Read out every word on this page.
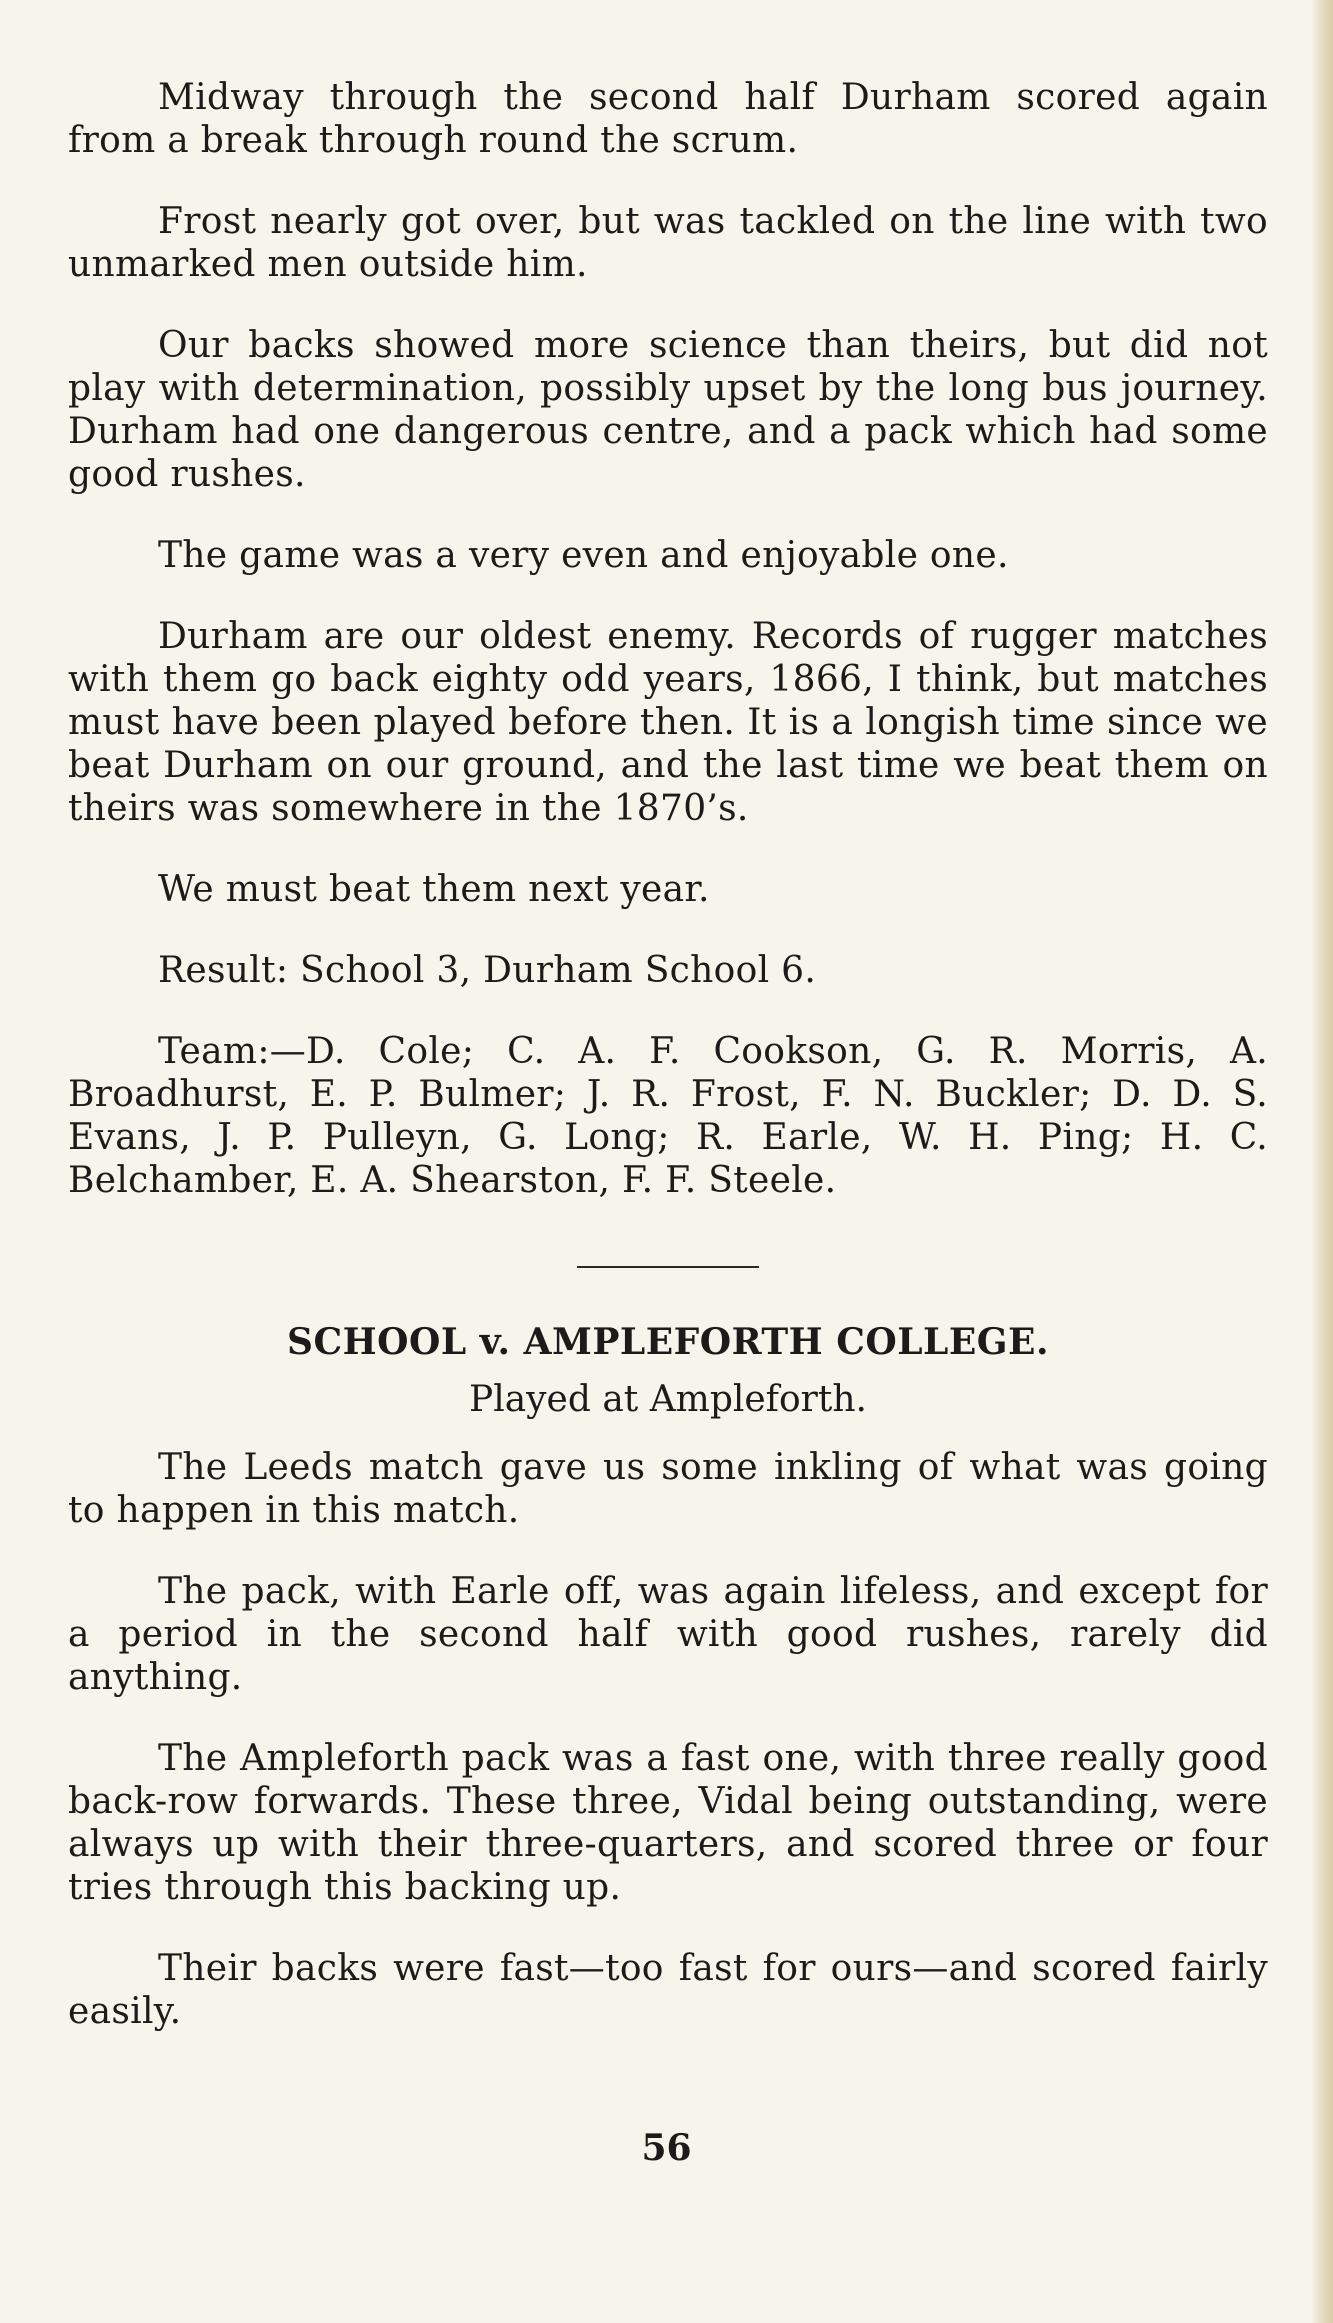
Midway through the second half Durham scored again from a break through round the scrum.

Frost nearly got over, but was tackled on the line with two unmarked men outside him.

Our backs showed more science than theirs, but did not play with determination, possibly upset by the long bus journey. Durham had one dangerous centre, and a pack which had some good rushes.

The game was a very even and enjoyable one.

Durham are our oldest enemy. Records of rugger matches with them go back eighty odd years, 1866, I think, but matches must have been played before then. It is a longish time since we beat Durham on our ground, and the last time we beat them on theirs was somewhere in the 1870’s.

We must beat them next year.

Result: School 3, Durham School 6.

Team:—D. Cole; C. A. F. Cookson, G. R. Morris, A. Broadhurst, E. P. Bulmer; J. R. Frost, F. N. Buckler; D. D. S. Evans, J. P. Pulleyn, G. Long; R. Earle, W. H. Ping; H. C. Belchamber, E. A. Shearston, F. F. Steele.

SCHOOL v. AMPLEFORTH COLLEGE.

Played at Ampleforth.

The Leeds match gave us some inkling of what was going to happen in this match.

The pack, with Earle off, was again lifeless, and except for a period in the second half with good rushes, rarely did anything.

The Ampleforth pack was a fast one, with three really good back-row forwards. These three, Vidal being outstanding, were always up with their three-quarters, and scored three or four tries through this backing up.

Their backs were fast—too fast for ours—and scored fairly easily.

56
